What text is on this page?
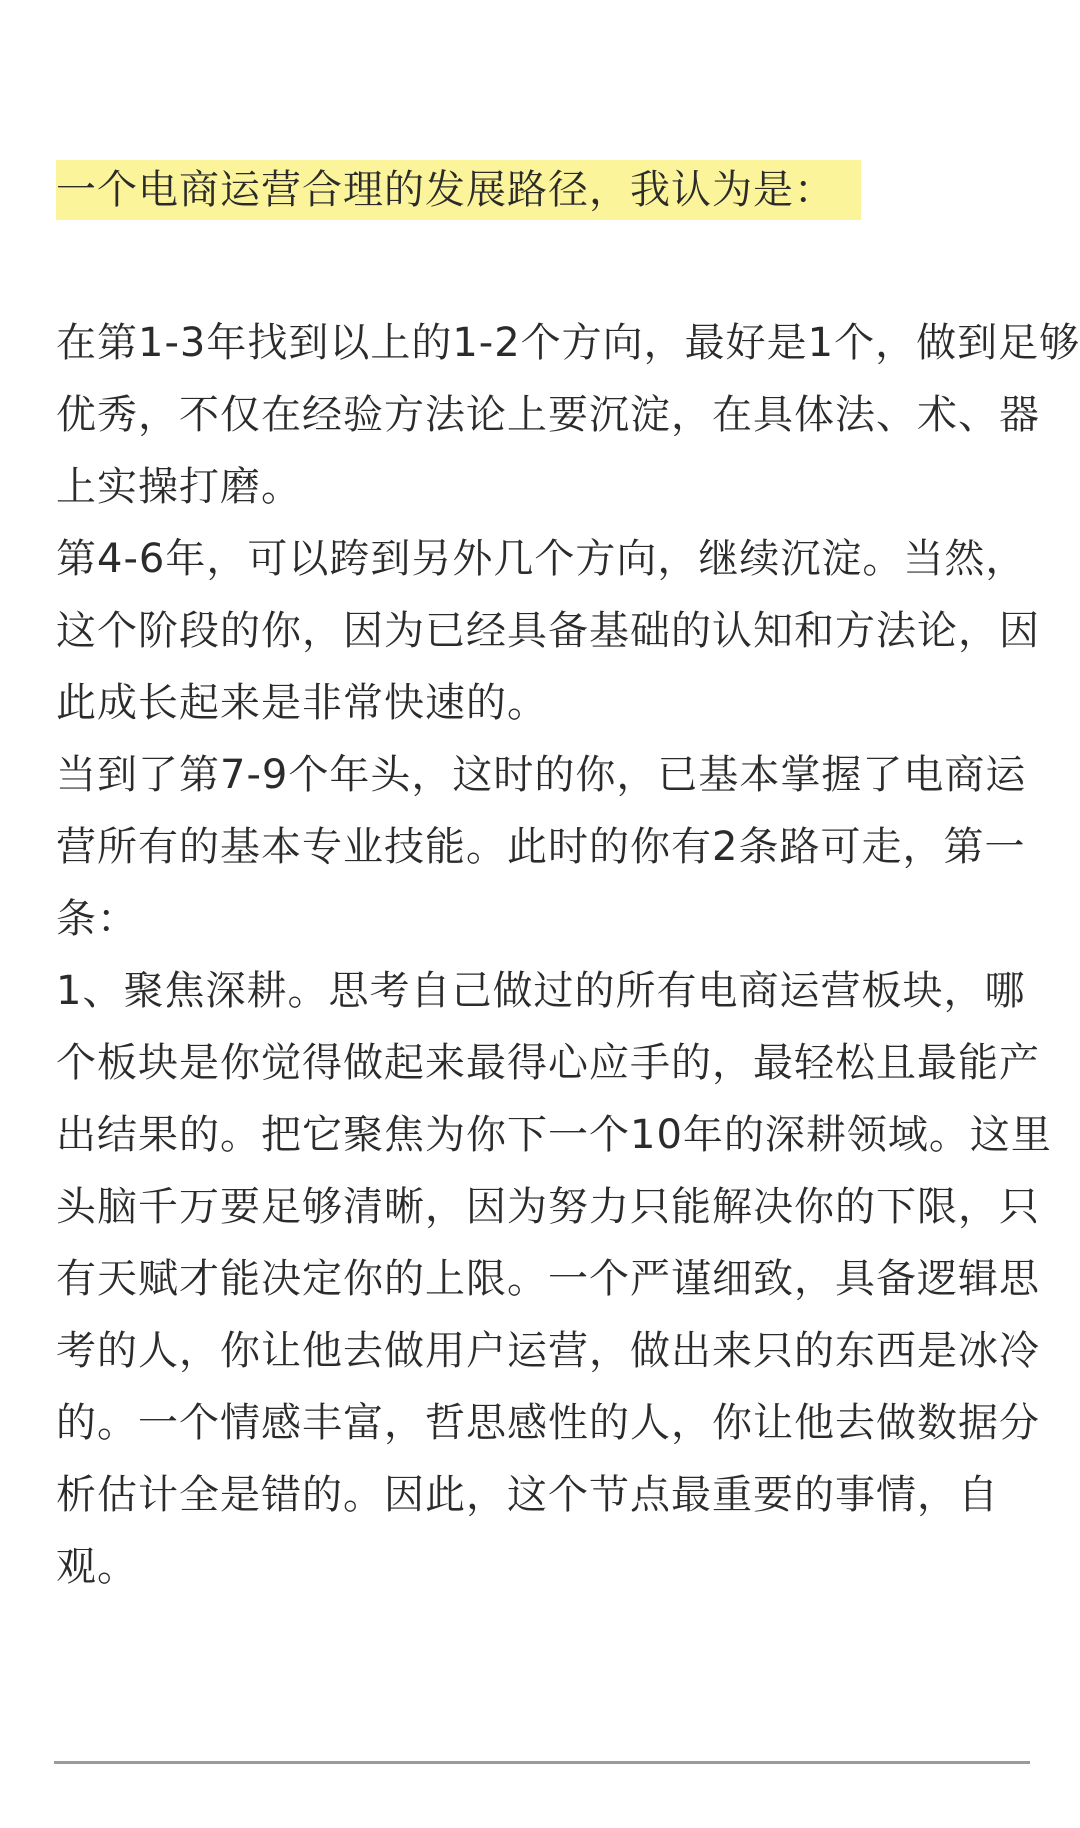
一个电商运营合理的发展路径，我认为是：
在第1-3年找到以上的1-2个方向，最好是1个，做到足够
优秀，不仅在经验方法论上要沉淀，在具体法、术、器
上实操打磨。
第4-6年，可以跨到另外几个方向，继续沉淀。当然，
这个阶段的你，因为已经具备基础的认知和方法论，因
此成长起来是非常快速的。
当到了第7-9个年头，这时的你，已基本掌握了电商运
营所有的基本专业技能。此时的你有2条路可走，第一
条：
1、聚焦深耕。思考自己做过的所有电商运营板块，哪
个板块是你觉得做起来最得心应手的，最轻松且最能产
出结果的。把它聚焦为你下一个10年的深耕领域。这里
头脑千万要足够清晰，因为努力只能解决你的下限，只
有天赋才能决定你的上限。一个严谨细致，具备逻辑思
考的人，你让他去做用户运营，做出来只的东西是冰冷
的。一个情感丰富，哲思感性的人，你让他去做数据分
析估计全是错的。因此，这个节点最重要的事情，自
观。
